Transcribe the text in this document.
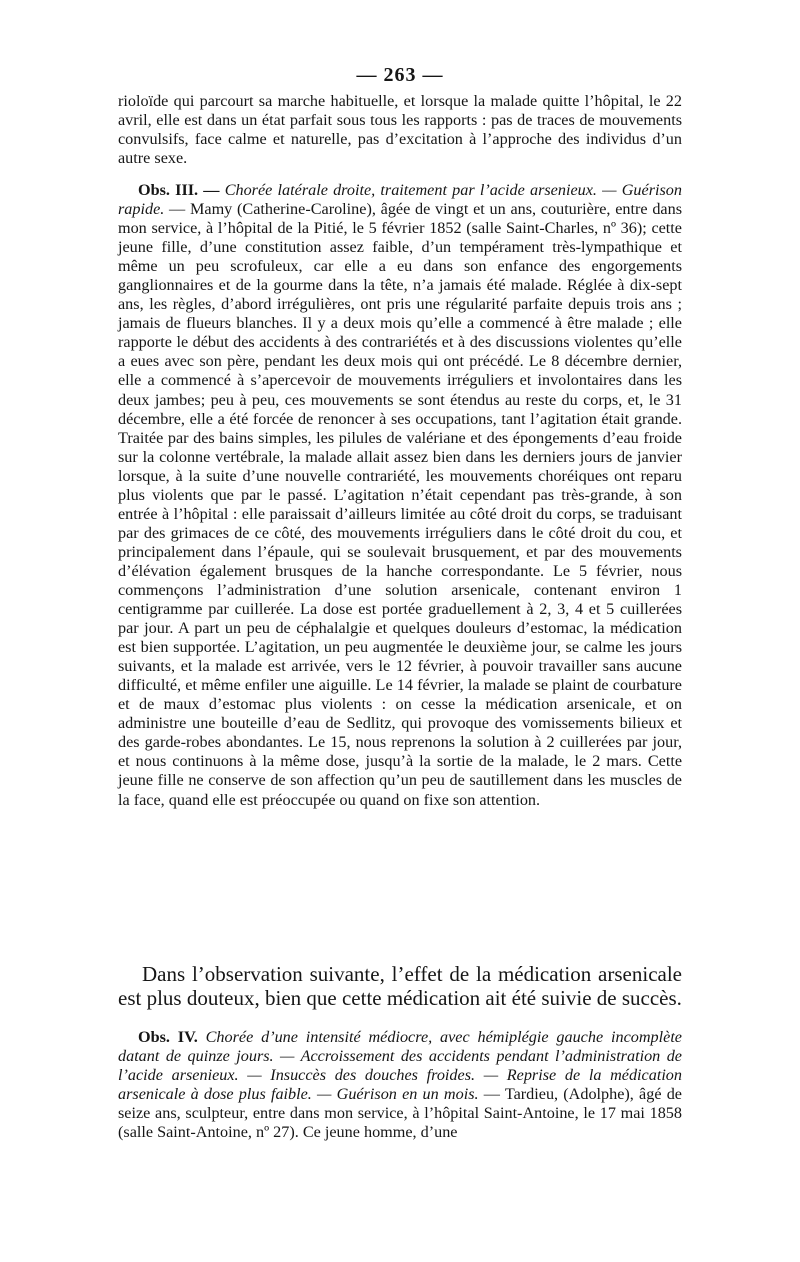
— 263 —

rioloïde qui parcourt sa marche habituelle, et lorsque la malade quitte l’hôpital, le 22 avril, elle est dans un état parfait sous tous les rapports : pas de traces de mouvements convulsifs, face calme et naturelle, pas d’excitation à l’approche des individus d’un autre sexe.

Obs. III. — Chorée latérale droite, traitement par l’acide arsenieux. — Guérison rapide. — Mamy (Catherine-Caroline), âgée de vingt et un ans, couturière, entre dans mon service, à l’hôpital de la Pitié, le 5 février 1852 (salle Saint-Charles, nº 36); cette jeune fille, d’une constitution assez faible, d’un tempérament très-lympathique et même un peu scrofuleux, car elle a eu dans son enfance des engorgements ganglionnaires et de la gourme dans la tête, n’a jamais été malade. Réglée à dix-sept ans, les règles, d’abord irrégulières, ont pris une régularité parfaite depuis trois ans ; jamais de flueurs blanches. Il y a deux mois qu’elle a commencé à être malade ; elle rapporte le début des accidents à des contrariétés et à des discussions violentes qu’elle a eues avec son père, pendant les deux mois qui ont précédé. Le 8 décembre dernier, elle a commencé à s’apercevoir de mouvements irréguliers et involontaires dans les deux jambes; peu à peu, ces mouvements se sont étendus au reste du corps, et, le 31 décembre, elle a été forcée de renoncer à ses occupations, tant l’agitation était grande. Traitée par des bains simples, les pilules de valériane et des épongements d’eau froide sur la colonne vertébrale, la malade allait assez bien dans les derniers jours de janvier lorsque, à la suite d’une nouvelle contrariété, les mouvements choréiques ont reparu plus violents que par le passé. L’agitation n’était cependant pas très-grande, à son entrée à l’hôpital : elle paraissait d’ailleurs limitée au côté droit du corps, se traduisant par des grimaces de ce côté, des mouvements irréguliers dans le côté droit du cou, et principalement dans l’épaule, qui se soulevait brusquement, et par des mouvements d’élévation également brusques de la hanche correspondante. Le 5 février, nous commençons l’administration d’une solution arsenicale, contenant environ 1 centigramme par cuillerée. La dose est portée graduellement à 2, 3, 4 et 5 cuillerées par jour. A part un peu de céphalalgie et quelques douleurs d’estomac, la médication est bien supportée. L’agitation, un peu augmentée le deuxième jour, se calme les jours suivants, et la malade est arrivée, vers le 12 février, à pouvoir travailler sans aucune difficulté, et même enfiler une aiguille. Le 14 février, la malade se plaint de courbature et de maux d’estomac plus violents : on cesse la médication arsenicale, et on administre une bouteille d’eau de Sedlitz, qui provoque des vomissements bilieux et des garde-robes abondantes. Le 15, nous reprenons la solution à 2 cuillerées par jour, et nous continuons à la même dose, jusqu’à la sortie de la malade, le 2 mars. Cette jeune fille ne conserve de son affection qu’un peu de sautillement dans les muscles de la face, quand elle est préoccupée ou quand on fixe son attention.

Dans l’observation suivante, l’effet de la médication arsenicale est plus douteux, bien que cette médication ait été suivie de succès.

Obs. IV. Chorée d’une intensité médiocre, avec hémiplégie gauche incomplète datant de quinze jours. — Accroissement des accidents pendant l’administration de l’acide arsenieux. — Insuccès des douches froides. — Reprise de la médication arsenicale à dose plus faible. — Guérison en un mois. — Tardieu, (Adolphe), âgé de seize ans, sculpteur, entre dans mon service, à l’hôpital Saint-Antoine, le 17 mai 1858 (salle Saint-Antoine, nº 27). Ce jeune homme, d’une
